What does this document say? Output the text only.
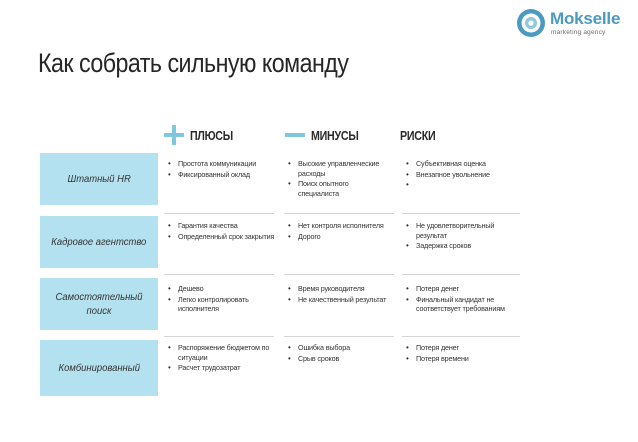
Mokselle
marketing agency
Как собрать сильную команду
ПЛЮСЫ	МИНУСЫ	РИСКИ
Штатный HR
• Простота коммуникации
• Фиксированный оклад
• Высокие управленческие расходы
• Поиск опытного специалиста
• Субъективная оценка
• Внезапное увольнение
Кадровое агентство
• Гарантия качества
• Определенный срок закрытия
• Нет контроля исполнителя
• Дорого
• Не удовлетворительный результат
• Задержка сроков
Самостоятельный поиск
• Дешево
• Легко контролировать исполнителя
• Время руководителя
• Не качественный результат
• Потеря денег
• Финальный кандидат не соответствует требованиям
Комбинированный
• Распоряжение бюджетом по ситуации
• Расчет трудозатрат
• Ошибка выбора
• Срыв сроков
• Потеря денег
• Потеря времени
